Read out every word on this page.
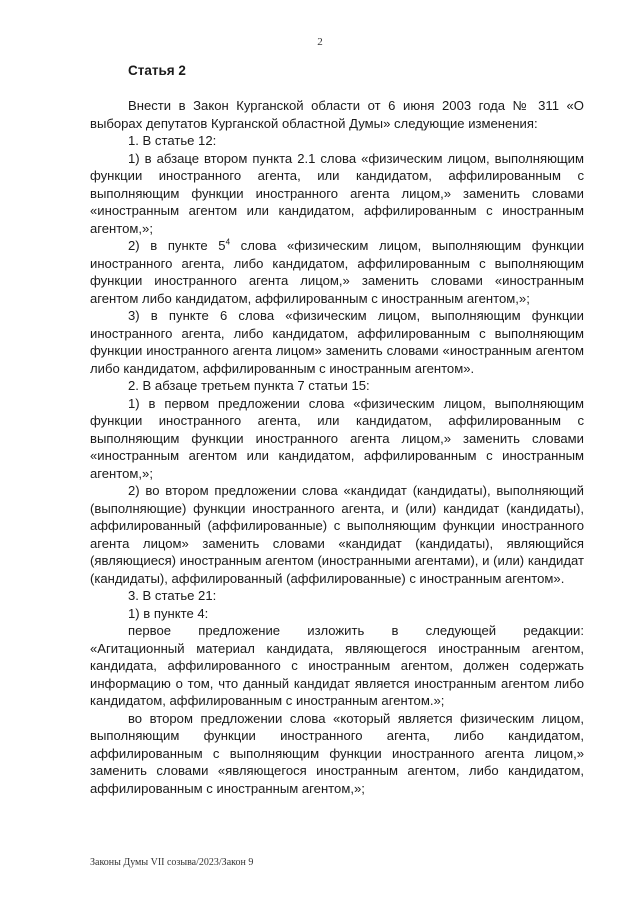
2
Статья 2

Внести в Закон Курганской области от 6 июня 2003 года № 311 «О выборах депутатов Курганской областной Думы» следующие изменения:

1. В статье 12:

1) в абзаце втором пункта 2.1 слова «физическим лицом, выполняющим функции иностранного агента, или кандидатом, аффилированным с выполняющим функции иностранного агента лицом,» заменить словами «иностранным агентом или кандидатом, аффилированным с иностранным агентом,»;

2) в пункте $5^4$ слова «физическим лицом, выполняющим функции иностранного агента, либо кандидатом, аффилированным с выполняющим функции иностранного агента лицом,» заменить словами «иностранным агентом либо кандидатом, аффилированным с иностранным агентом,»;

3) в пункте 6 слова «физическим лицом, выполняющим функции иностранного агента, либо кандидатом, аффилированным с выполняющим функции иностранного агента лицом» заменить словами «иностранным агентом либо кандидатом, аффилированным с иностранным агентом».

2. В абзаце третьем пункта 7 статьи 15:

1) в первом предложении слова «физическим лицом, выполняющим функции иностранного агента, или кандидатом, аффилированным с выполняющим функции иностранного агента лицом,» заменить словами «иностранным агентом или кандидатом, аффилированным с иностранным агентом,»;

2) во втором предложении слова «кандидат (кандидаты), выполняющий (выполняющие) функции иностранного агента, и (или) кандидат (кандидаты), аффилированный (аффилированные) с выполняющим функции иностранного агента лицом» заменить словами «кандидат (кандидаты), являющийся (являющиеся) иностранным агентом (иностранными агентами), и (или) кандидат (кандидаты), аффилированный (аффилированные) с иностранным агентом».

3. В статье 21:

1) в пункте 4:

первое предложение изложить в следующей редакции:

«Агитационный материал кандидата, являющегося иностранным агентом, кандидата, аффилированного с иностранным агентом, должен содержать информацию о том, что данный кандидат является иностранным агентом либо кандидатом, аффилированным с иностранным агентом.»;

во втором предложении слова «который является физическим лицом, выполняющим функции иностранного агента, либо кандидатом, аффилированным с выполняющим функции иностранного агента лицом,» заменить словами «являющегося иностранным агентом, либо кандидатом, аффилированным с иностранным агентом,»;

Законы Думы VII созыва/2023/Закон 9
